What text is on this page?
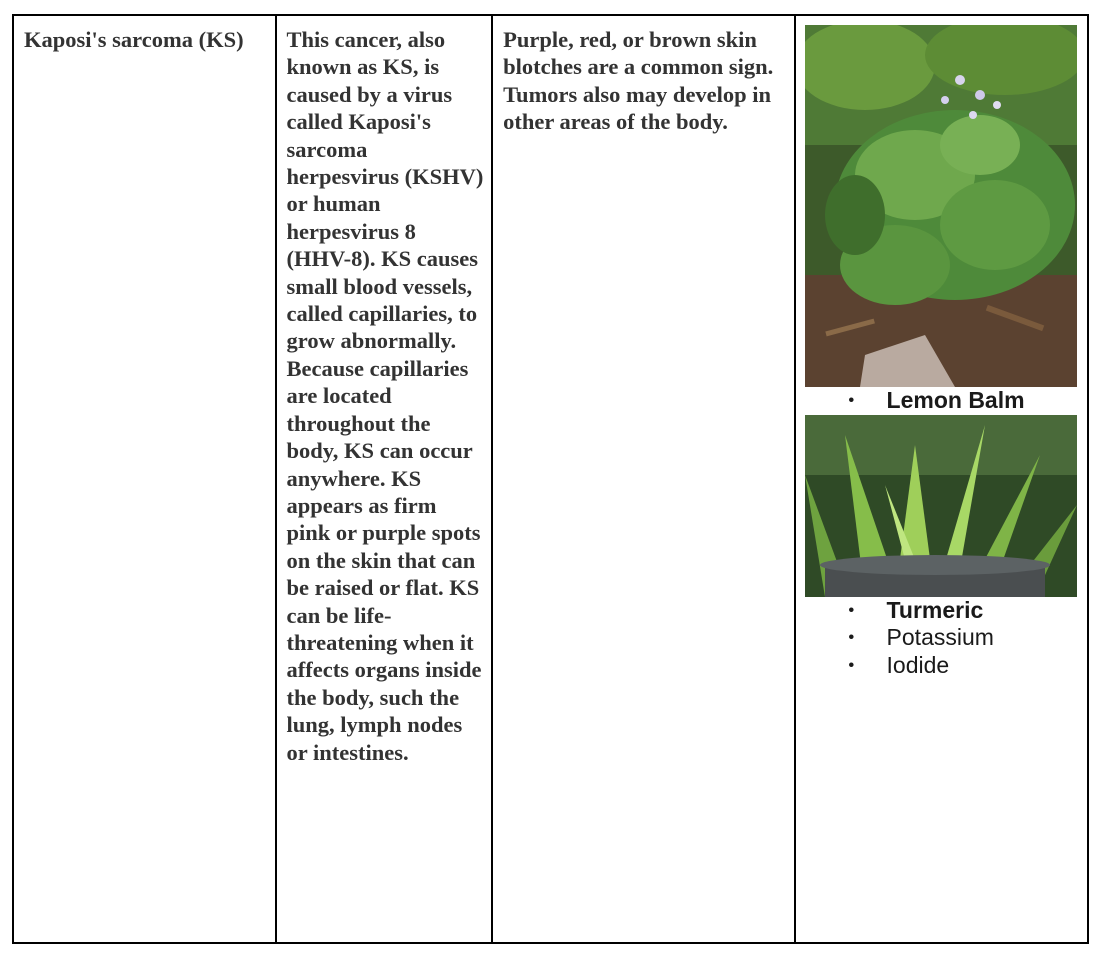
Kaposi's sarcoma (KS)	This cancer, also known as KS, is caused by a virus called Kaposi's sarcoma herpesvirus (KSHV) or human herpesvirus 8 (HHV-8). KS causes small blood vessels, called capillaries, to grow abnormally. Because capillaries are located throughout the body, KS can occur anywhere. KS appears as firm pink or purple spots on the skin that can be raised or flat. KS can be life-threatening when it affects organs inside the body, such the lung, lymph nodes or intestines.

Purple, red, or brown skin blotches are a common sign. Tumors also may develop in other areas of the body.

• Lemon Balm
• Turmeric
• Potassium
• Iodide
